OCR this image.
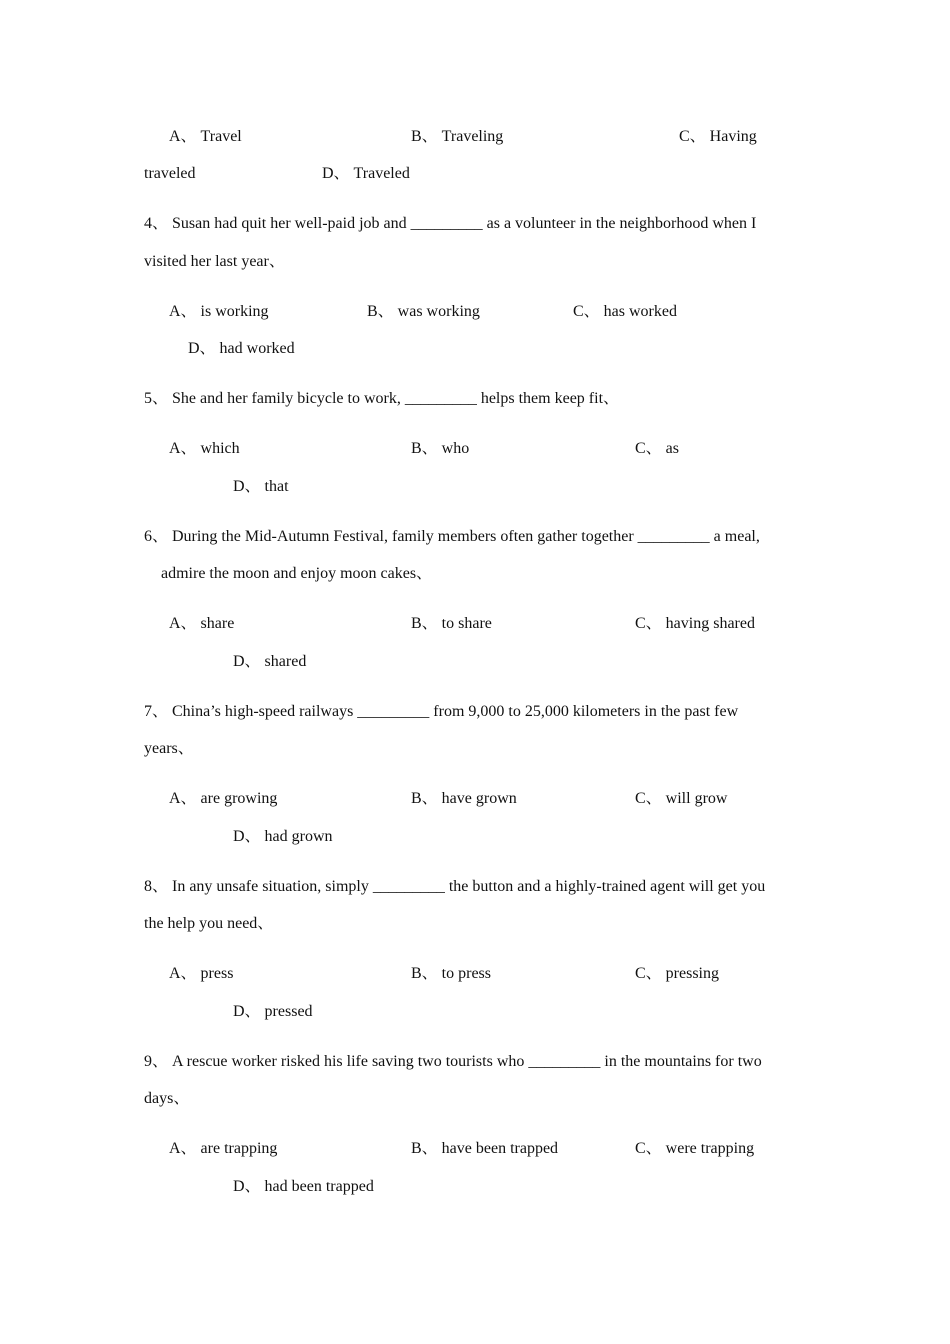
A、 Travel	B、 Traveling	C、 Having
traveled	D、 Traveled
4、 Susan had quit her well-paid job and _________ as a volunteer in the neighborhood when I
visited her last year、
A、 is working	B、 was working	C、 has worked
D、 had worked
5、 She and her family bicycle to work, _________ helps them keep fit、
A、 which	B、 who	C、 as
D、 that
6、 During the Mid-Autumn Festival, family members often gather together _________ a meal,
admire the moon and enjoy moon cakes、
A、 share	B、 to share	C、 having shared
D、 shared
7、 China’s high-speed railways _________ from 9,000 to 25,000 kilometers in the past few
years、
A、 are growing	B、 have grown	C、 will grow
D、 had grown
8、 In any unsafe situation, simply _________ the button and a highly-trained agent will get you
the help you need、
A、 press	B、 to press	C、 pressing
D、 pressed
9、 A rescue worker risked his life saving two tourists who _________ in the mountains for two
days、
A、 are trapping	B、 have been trapped	C、 were trapping
D、 had been trapped
